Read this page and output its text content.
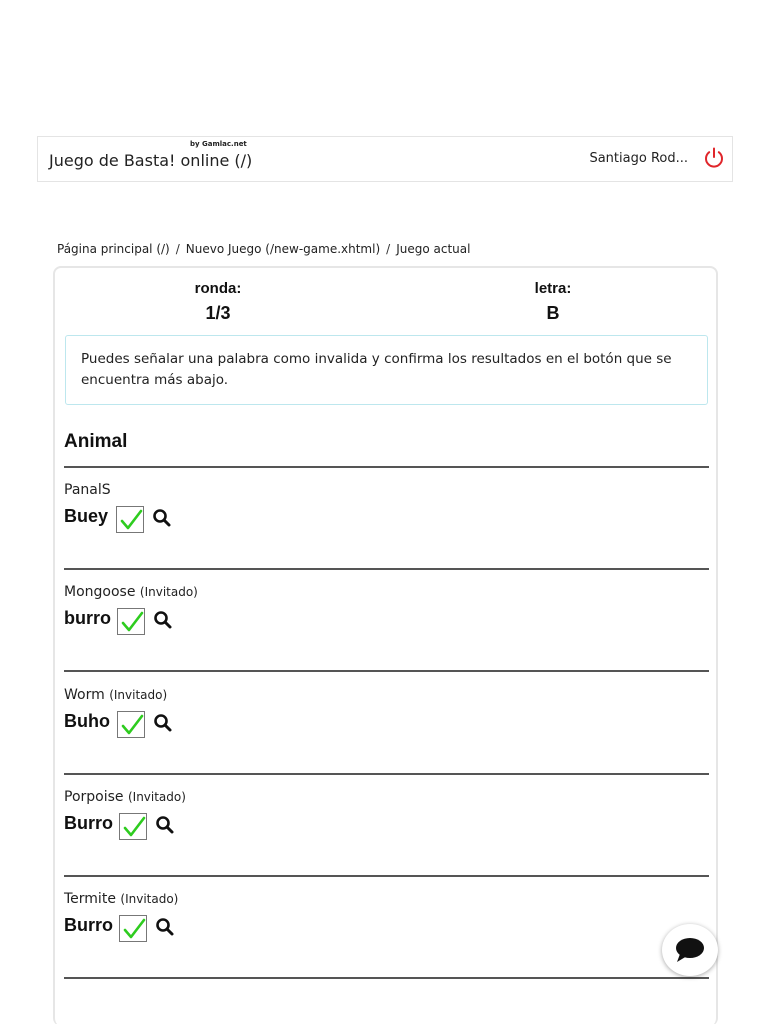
by Gamlac.net
Juego de Basta! online (/)	Santiago Rod...
Página principal (/) / Nuevo Juego (/new-game.xhtml) / Juego actual
ronda:
1/3
letra:
B
Puedes señalar una palabra como invalida y confirma los resultados en el botón que se encuentra más abajo.
Animal
PanalS
Buey
Mongoose (Invitado)
burro
Worm (Invitado)
Buho
Porpoise (Invitado)
Burro
Termite (Invitado)
Burro
